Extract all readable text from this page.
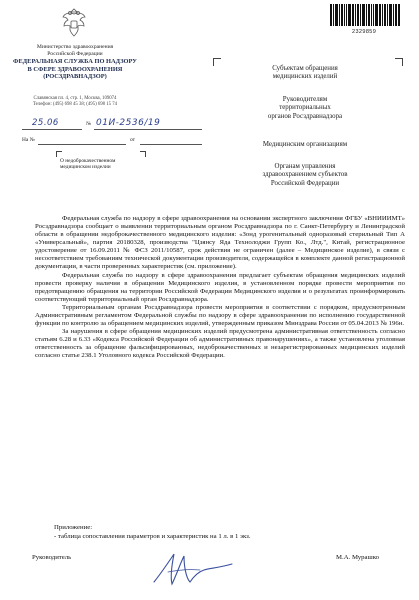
Министерство здравоохранения
Российской Федерации
ФЕДЕРАЛЬНАЯ СЛУЖБА ПО НАДЗОРУ
В СФЕРЕ ЗДРАВООХРАНЕНИЯ
(РОСЗДРАВНАДЗОР)
Славянская пл. 4, стр. 1, Москва, 109074
Телефон: (495) 698 45 38; (495) 698 15 74
25.06	№ 01И-2536/19
На №	от
О недоброкачественном
медицинском изделии
2329859
Субъектам обращения
медицинских изделий
Руководителям
территориальных
органов Росздравнадзора
Медицинским организациям
Органам управления
здравоохранением субъектов
Российской Федерации

Федеральная служба по надзору в сфере здравоохранения на основании экспертного заключения ФГБУ «ВНИИИМТ» Росздравнадзора сообщает о выявлении территориальным органом Росздравнадзора по г. Санкт-Петербургу и Ленинградской области в обращении недоброкачественного медицинского изделия: «Зонд урогенитальный одноразовый стерильный Тип А «Универсальный», партия 20180328, производства "Цзянсу Яда Технолоджи Групп Ко., Лтд.", Китай, регистрационное удостоверение от 16.09.2011 № ФСЗ 2011/10587, срок действия не ограничен (далее – Медицинское изделие), в связи с несоответствием требованиям технической документации производителя, содержащейся в комплекте данной регистрационной документации, в части проверенных характеристик (см. приложение).

Федеральная служба по надзору в сфере здравоохранения предлагает субъектам обращения медицинских изделий провести проверку наличия в обращении Медицинского изделия, в установленном порядке провести мероприятия по предотвращению обращения на территории Российской Федерации Медицинского изделия и о результатах проинформировать соответствующий территориальный орган Росздравнадзора.

Территориальным органам Росздравнадзора провести мероприятия в соответствии с порядком, предусмотренным Административным регламентом Федеральной службы по надзору в сфере здравоохранения по исполнению государственной функции по контролю за обращением медицинских изделий, утвержденным приказом Минздрава России от 05.04.2013 № 196н.

За нарушения в сфере обращения медицинских изделий предусмотрена административная ответственность согласно статьям 6.28 и 6.33 «Кодекса Российской Федерации об административных правонарушениях», а также установлена уголовная ответственность за обращение фальсифицированных, недоброкачественных и незарегистрированных медицинских изделий согласно статье 238.1 Уголовного кодекса Российской Федерации.

Приложение:
- таблица сопоставления параметров и характеристик на 1 л. в 1 экз.
Руководитель	М.А. Мурашко
